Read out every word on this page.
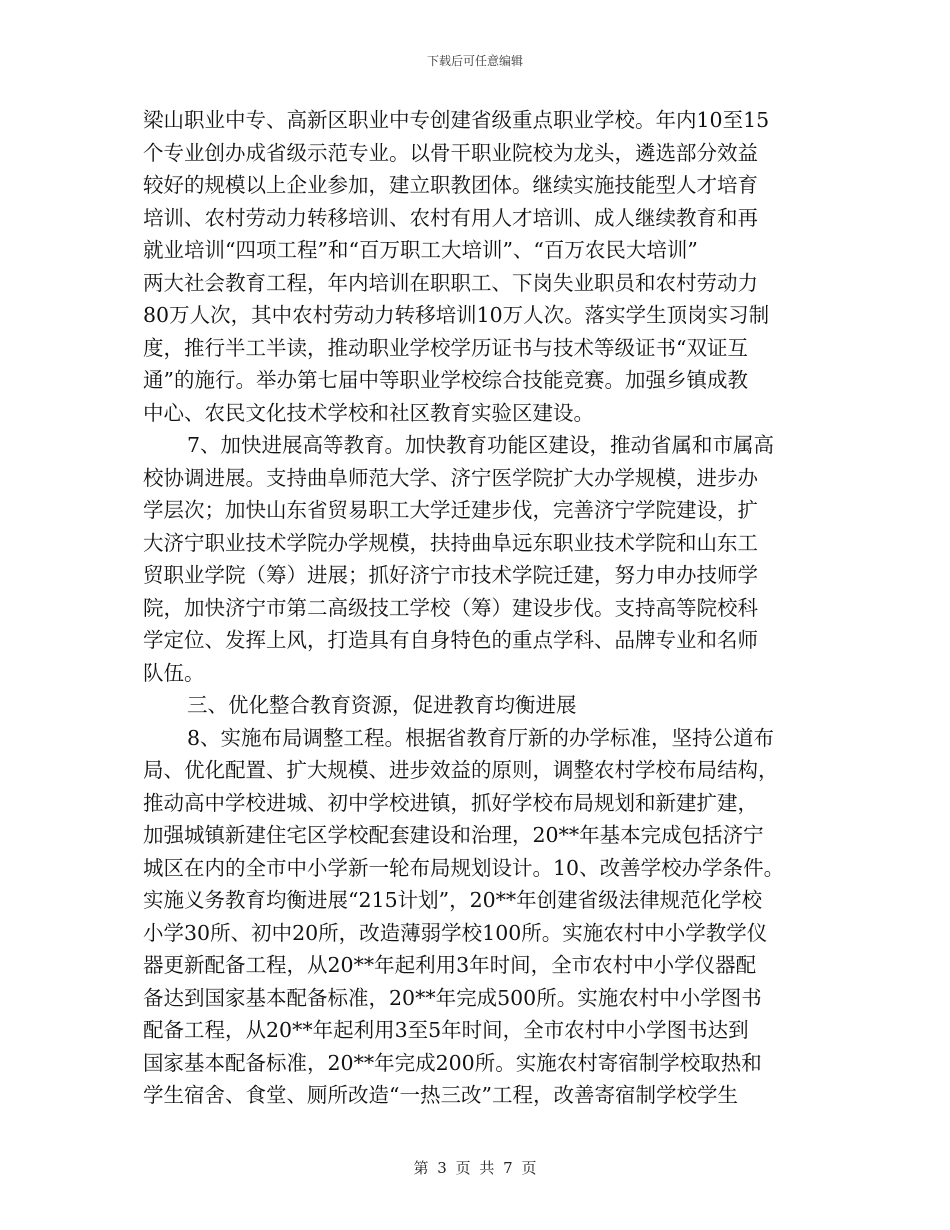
下载后可任意编辑
梁山职业中专、高新区职业中专创建省级重点职业学校。年内10至15
个专业创办成省级示范专业。以骨干职业院校为龙头，遴选部分效益
较好的规模以上企业参加，建立职教团体。继续实施技能型人才培育
培训、农村劳动力转移培训、农村有用人才培训、成人继续教育和再
就业培训“四项工程”和“百万职工大培训”、“百万农民大培训”
两大社会教育工程，年内培训在职职工、下岗失业职员和农村劳动力
80万人次，其中农村劳动力转移培训10万人次。落实学生顶岗实习制
度，推行半工半读，推动职业学校学历证书与技术等级证书“双证互
通”的施行。举办第七届中等职业学校综合技能竞赛。加强乡镇成教
中心、农民文化技术学校和社区教育实验区建设。
7、加快进展高等教育。加快教育功能区建设，推动省属和市属高
校协调进展。支持曲阜师范大学、济宁医学院扩大办学规模，进步办
学层次；加快山东省贸易职工大学迁建步伐，完善济宁学院建设，扩
大济宁职业技术学院办学规模，扶持曲阜远东职业技术学院和山东工
贸职业学院（筹）进展；抓好济宁市技术学院迁建，努力申办技师学
院，加快济宁市第二高级技工学校（筹）建设步伐。支持高等院校科
学定位、发挥上风，打造具有自身特色的重点学科、品牌专业和名师
队伍。
三、优化整合教育资源，促进教育均衡进展
8、实施布局调整工程。根据省教育厅新的办学标准，坚持公道布
局、优化配置、扩大规模、进步效益的原则，调整农村学校布局结构，
推动高中学校进城、初中学校进镇，抓好学校布局规划和新建扩建，
加强城镇新建住宅区学校配套建设和治理，20**年基本完成包括济宁
城区在内的全市中小学新一轮布局规划设计。10、改善学校办学条件。
实施义务教育均衡进展“215计划”，20**年创建省级法律规范化学校
小学30所、初中20所，改造薄弱学校100所。实施农村中小学教学仪
器更新配备工程，从20**年起利用3年时间，全市农村中小学仪器配
备达到国家基本配备标准，20**年完成500所。实施农村中小学图书
配备工程，从20**年起利用3至5年时间，全市农村中小学图书达到
国家基本配备标准，20**年完成200所。实施农村寄宿制学校取热和
学生宿舍、食堂、厕所改造“一热三改”工程，改善寄宿制学校学生
第 3 页 共 7 页
